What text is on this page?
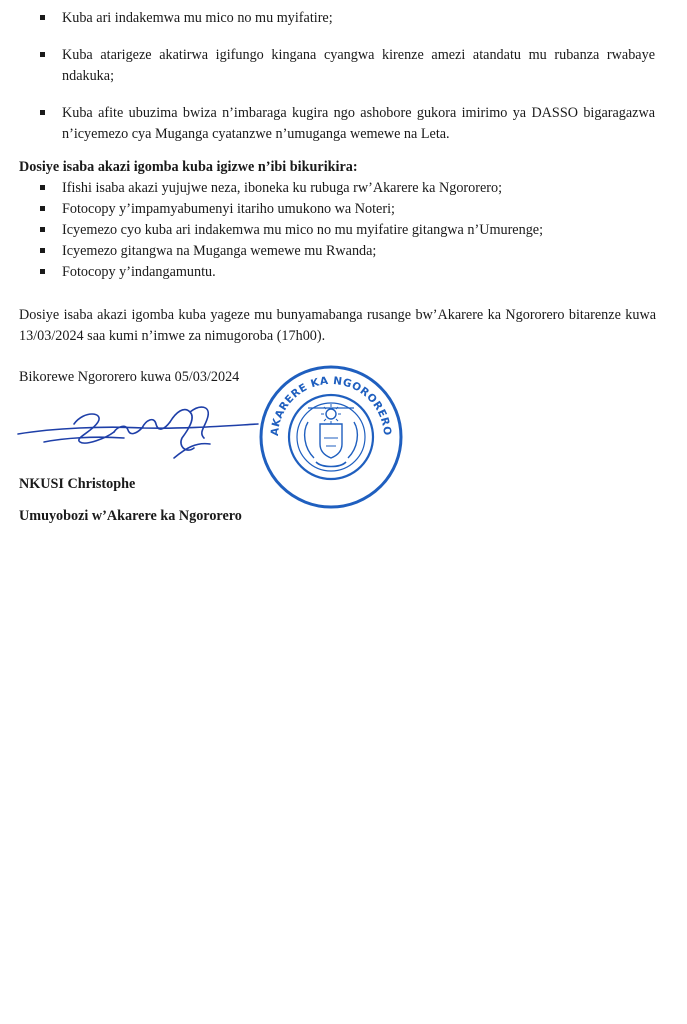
Kuba ari indakemwa mu mico no mu myifatire;
Kuba atarigeze akatirwa igifungo kingana cyangwa kirenze amezi atandatu mu rubanza rwabaye ndakuka;
Kuba afite ubuzima bwiza n’imbaraga kugira ngo ashobore gukora imirimo ya DASSO bigaragazwa n’icyemezo cya Muganga cyatanzwe n’umuganga wemewe na Leta.

Dosiye isaba akazi igomba kuba igizwe n’ibi bikurikira:

Ifishi isaba akazi yujujwe neza, iboneka ku rubuga rw’Akarere ka Ngororero;
Fotocopy y’impamyabumenyi itariho umukono wa Noteri;
Icyemezo cyo kuba ari indakemwa mu mico no mu myifatire gitangwa n’Umurenge;
Icyemezo gitangwa na Muganga wemewe mu Rwanda;
Fotocopy y’indangamuntu.

Dosiye isaba akazi igomba kuba yageze mu bunyamabanga rusange bw’Akarere ka Ngororero bitarenze kuwa 13/03/2024 saa kumi n’imwe za nimugoroba (17h00).

Bikorewe Ngororero kuwa 05/03/2024

NKUSI Christophe

Umuyobozi w’Akarere ka Ngororero

AKARERE KA NGORORERO
